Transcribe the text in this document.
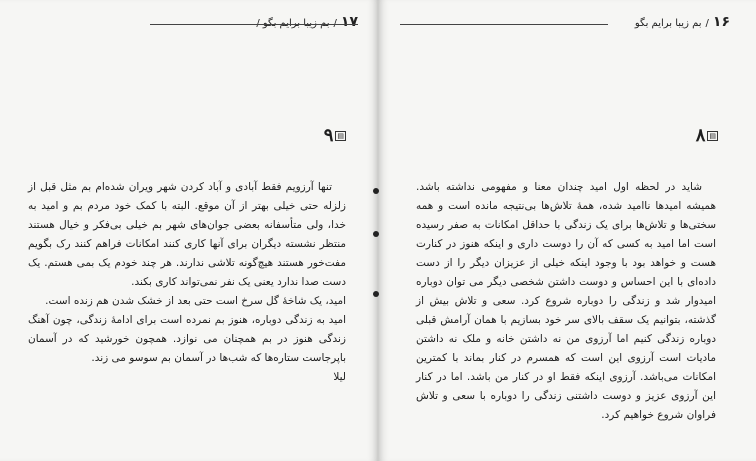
۱۷/بم زیبا برایم بگو /
▤۹

تنها آرزویم فقط آبادی و آباد کردن شهر ویران شده‌ام بم مثل قبل از زلزله حتی خیلی بهتر از آن موقع. البته با کمک خود مردم بم و امید به خدا، ولی متأسفانه بعضی جوان‌های شهر بم خیلی بی‌فکر و خیال هستند منتظر نشسته دیگران برای آنها کاری کنند امکانات فراهم کنند رک بگویم مفت‌خور هستند هیچ‌گونه تلاشی ندارند. هر چند خودم یک بمی هستم. یک دست صدا ندارد یعنی یک نفر نمی‌تواند کاری بکند.

امید، یک شاخهٔ گل سرخ است حتی بعد از خشک شدن هم زنده است.

امید به زندگی دوباره، هنوز بم نمرده است برای ادامهٔ زندگی، چون آهنگ زندگی هنوز در بم همچنان می نوازد. همچون خورشید که در آسمان باپرجاست ستاره‌ها که شب‌ها در آسمان بم سوسو می زند.

لیلا

۱۶/بم زیبا برایم بگو
▤۸

شاید در لحظه اول امید چندان معنا و مفهومی نداشته باشد. همیشه امیدها ناامید شده، همهٔ تلاش‌ها بی‌نتیجه مانده است و همه سختی‌ها و تلاش‌ها برای یک زندگی با حداقل امکانات به صفر رسیده است اما امید به کسی که آن را دوست داری و اینکه هنوز در کنارت هست و خواهد بود با وجود اینکه خیلی از عزیزان دیگر را از دست داده‌ای با این احساس و دوست داشتن شخصی دیگر می توان دوباره امیدوار شد و زندگی را دوباره شروع کرد. سعی و تلاش بیش از گذشته، بتوانیم یک سقف بالای سر خود بسازیم با همان آرامش قبلی دوباره زندگی کنیم اما آرزوی من نه داشتن خانه و ملک نه داشتن مادیات است آرزوی این است که همسرم در کنار بماند با کمترین امکانات می‌باشد. آرزوی اینکه فقط او در کنار من باشد. اما در کنار این آرزوی عزیز و دوست داشتنی زندگی را دوباره با سعی و تلاش فراوان شروع خواهیم کرد.
